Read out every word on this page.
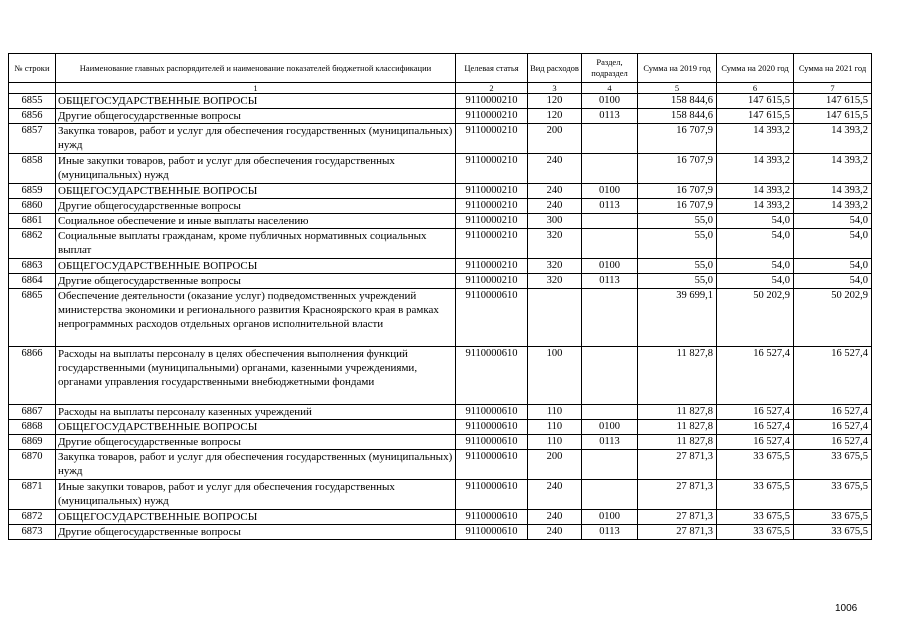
№ строки	Наименование главных распорядителей и наименование показателей бюджетной классификации	Целевая статья	Вид расходов	Раздел, подраздел	Сумма на 2019 год	Сумма на 2020 год	Сумма на 2021 год
	1	2	3	4	5	6	7
6855	ОБЩЕГОСУДАРСТВЕННЫЕ ВОПРОСЫ	9110000210	120	0100	158 844,6	147 615,5	147 615,5
6856	Другие общегосударственные вопросы	9110000210	120	0113	158 844,6	147 615,5	147 615,5
6857	Закупка товаров, работ и услуг для обеспечения государственных (муниципальных) нужд	9110000210	200		16 707,9	14 393,2	14 393,2
6858	Иные закупки товаров, работ и услуг для обеспечения государственных (муниципальных) нужд	9110000210	240		16 707,9	14 393,2	14 393,2
6859	ОБЩЕГОСУДАРСТВЕННЫЕ ВОПРОСЫ	9110000210	240	0100	16 707,9	14 393,2	14 393,2
6860	Другие общегосударственные вопросы	9110000210	240	0113	16 707,9	14 393,2	14 393,2
6861	Социальное обеспечение и иные выплаты населению	9110000210	300		55,0	54,0	54,0
6862	Социальные выплаты гражданам, кроме публичных нормативных социальных выплат	9110000210	320		55,0	54,0	54,0
6863	ОБЩЕГОСУДАРСТВЕННЫЕ ВОПРОСЫ	9110000210	320	0100	55,0	54,0	54,0
6864	Другие общегосударственные вопросы	9110000210	320	0113	55,0	54,0	54,0
6865	Обеспечение деятельности (оказание услуг) подведомственных учреждений министерства экономики и регионального развития Красноярского края в рамках непрограммных расходов отдельных органов исполнительной власти	9110000610			39 699,1	50 202,9	50 202,9
6866	Расходы на выплаты персоналу в целях обеспечения выполнения функций государственными (муниципальными) органами, казенными учреждениями, органами управления государственными внебюджетными фондами	9110000610	100		11 827,8	16 527,4	16 527,4
6867	Расходы на выплаты персоналу казенных учреждений	9110000610	110		11 827,8	16 527,4	16 527,4
6868	ОБЩЕГОСУДАРСТВЕННЫЕ ВОПРОСЫ	9110000610	110	0100	11 827,8	16 527,4	16 527,4
6869	Другие общегосударственные вопросы	9110000610	110	0113	11 827,8	16 527,4	16 527,4
6870	Закупка товаров, работ и услуг для обеспечения государственных (муниципальных) нужд	9110000610	200		27 871,3	33 675,5	33 675,5
6871	Иные закупки товаров, работ и услуг для обеспечения государственных (муниципальных) нужд	9110000610	240		27 871,3	33 675,5	33 675,5
6872	ОБЩЕГОСУДАРСТВЕННЫЕ ВОПРОСЫ	9110000610	240	0100	27 871,3	33 675,5	33 675,5
6873	Другие общегосударственные вопросы	9110000610	240	0113	27 871,3	33 675,5	33 675,5
1006
